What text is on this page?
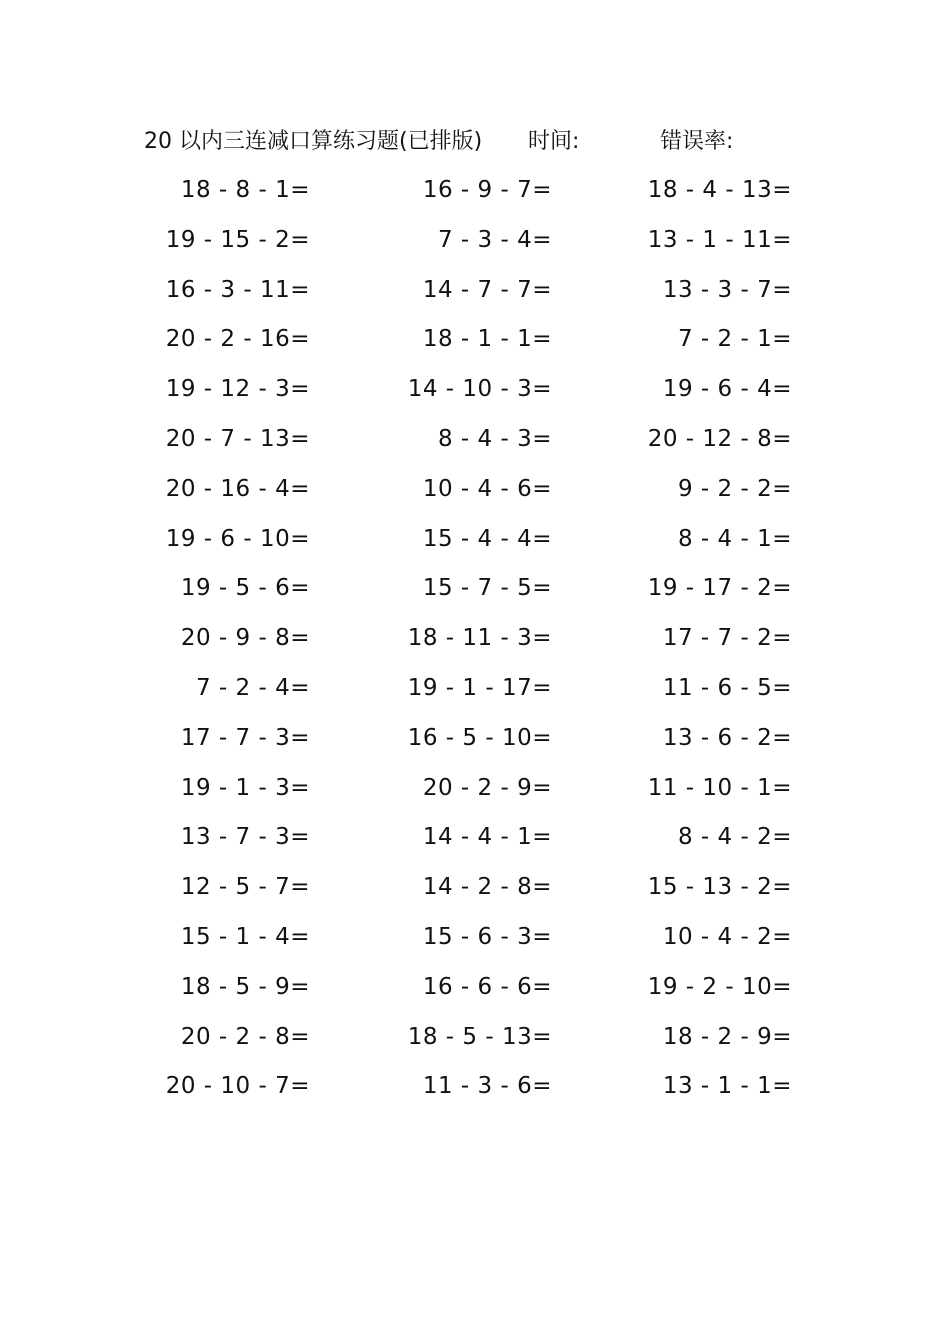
20 以内三连减口算练习题(已排版) 时间:	错误率:
18 - 8 - 1=	16 - 9 - 7=	18 - 4 - 13=
19 - 15 - 2=	7 - 3 - 4=	13 - 1 - 11=
16 - 3 - 11=	14 - 7 - 7=	13 - 3 - 7=
20 - 2 - 16=	18 - 1 - 1=	7 - 2 - 1=
19 - 12 - 3=	14 - 10 - 3=	19 - 6 - 4=
20 - 7 - 13=	8 - 4 - 3=	20 - 12 - 8=
20 - 16 - 4=	10 - 4 - 6=	9 - 2 - 2=
19 - 6 - 10=	15 - 4 - 4=	8 - 4 - 1=
19 - 5 - 6=	15 - 7 - 5=	19 - 17 - 2=
20 - 9 - 8=	18 - 11 - 3=	17 - 7 - 2=
7 - 2 - 4=	19 - 1 - 17=	11 - 6 - 5=
17 - 7 - 3=	16 - 5 - 10=	13 - 6 - 2=
19 - 1 - 3=	20 - 2 - 9=	11 - 10 - 1=
13 - 7 - 3=	14 - 4 - 1=	8 - 4 - 2=
12 - 5 - 7=	14 - 2 - 8=	15 - 13 - 2=
15 - 1 - 4=	15 - 6 - 3=	10 - 4 - 2=
18 - 5 - 9=	16 - 6 - 6=	19 - 2 - 10=
20 - 2 - 8=	18 - 5 - 13=	18 - 2 - 9=
20 - 10 - 7=	11 - 3 - 6=	13 - 1 - 1=
